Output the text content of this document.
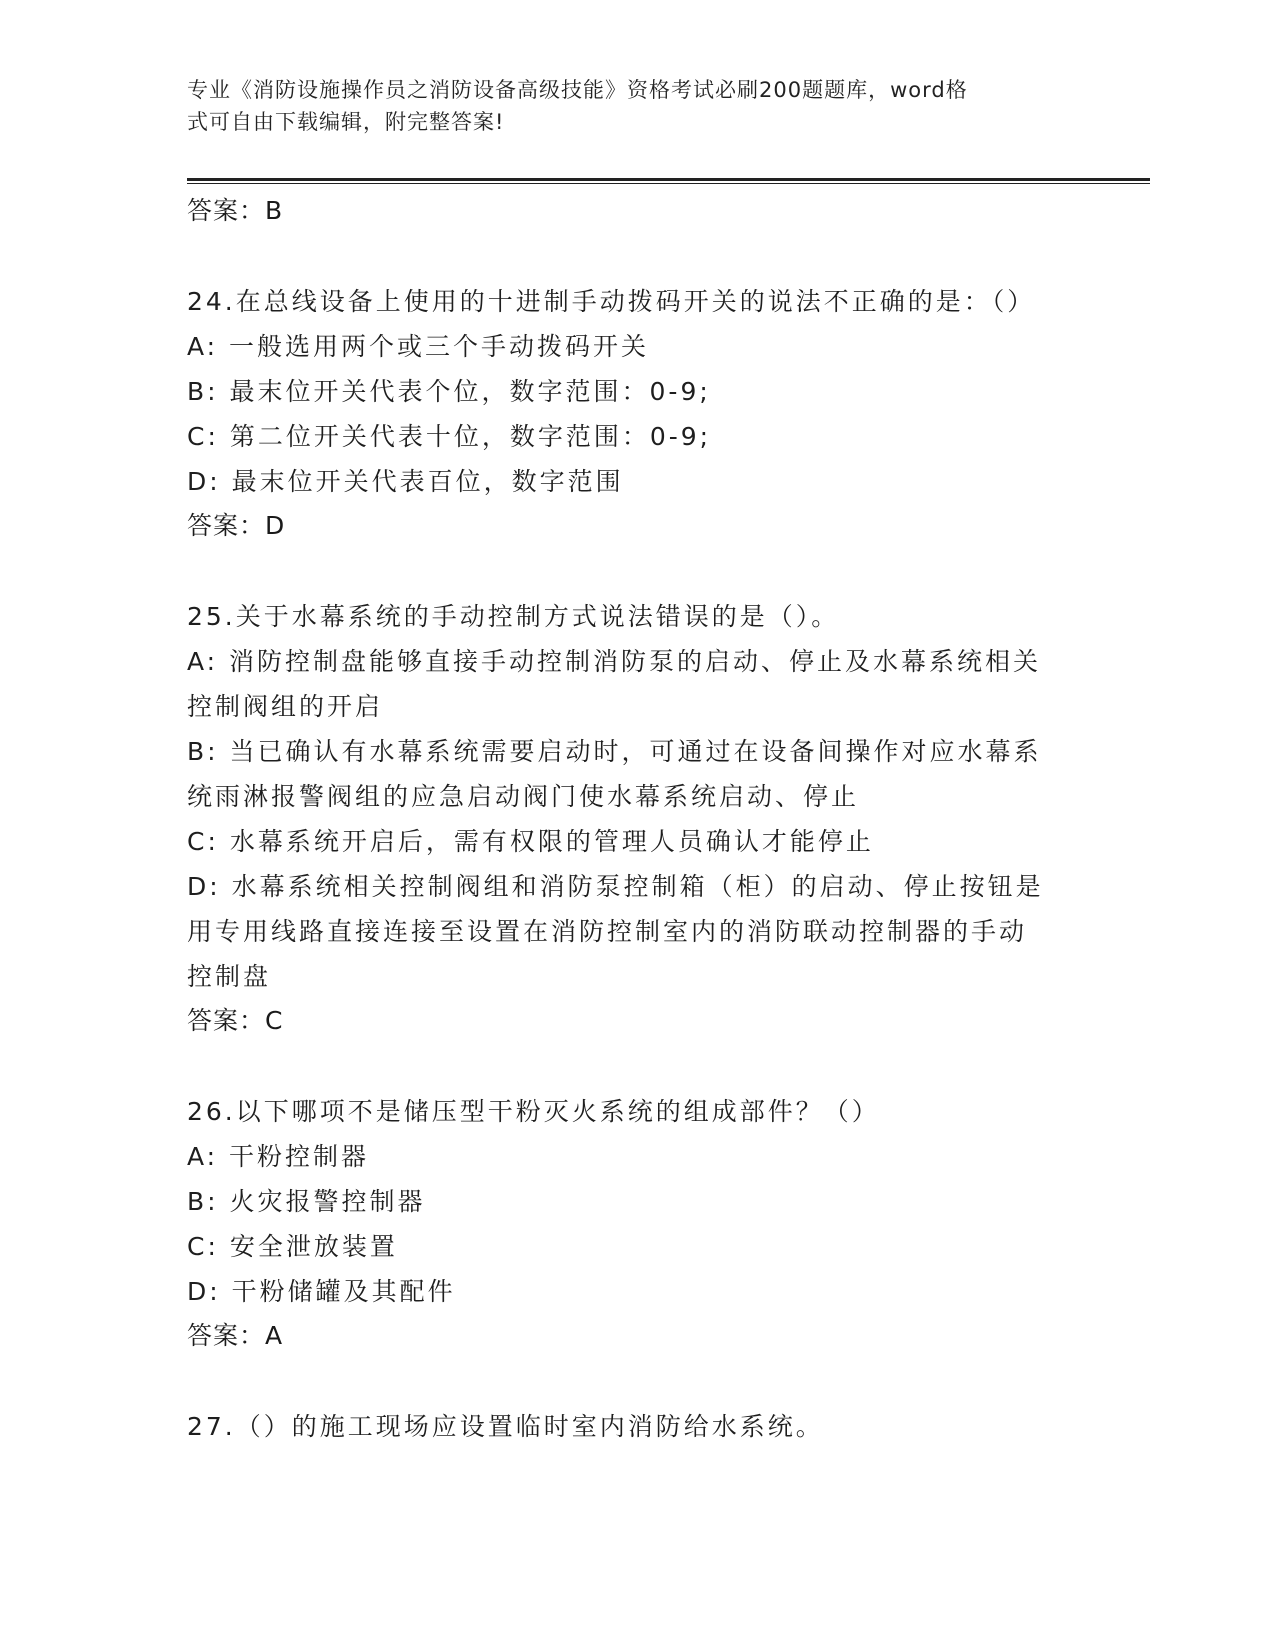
专业《消防设施操作员之消防设备高级技能》资格考试必刷200题题库，word格
式可自由下载编辑，附完整答案!
答案：B
24.在总线设备上使用的十进制手动拨码开关的说法不正确的是：（）
A: 一般选用两个或三个手动拨码开关
B: 最末位开关代表个位，数字范围：0-9;
C: 第二位开关代表十位，数字范围：0-9;
D: 最末位开关代表百位，数字范围
答案：D
25.关于水幕系统的手动控制方式说法错误的是（）。
A: 消防控制盘能够直接手动控制消防泵的启动、停止及水幕系统相关
控制阀组的开启
B: 当已确认有水幕系统需要启动时，可通过在设备间操作对应水幕系
统雨淋报警阀组的应急启动阀门使水幕系统启动、停止
C: 水幕系统开启后，需有权限的管理人员确认才能停止
D: 水幕系统相关控制阀组和消防泵控制箱（柜）的启动、停止按钮是
用专用线路直接连接至设置在消防控制室内的消防联动控制器的手动
控制盘
答案：C
26.以下哪项不是储压型干粉灭火系统的组成部件？（）
A: 干粉控制器
B: 火灾报警控制器
C: 安全泄放装置
D: 干粉储罐及其配件
答案：A
27.（）的施工现场应设置临时室内消防给水系统。
